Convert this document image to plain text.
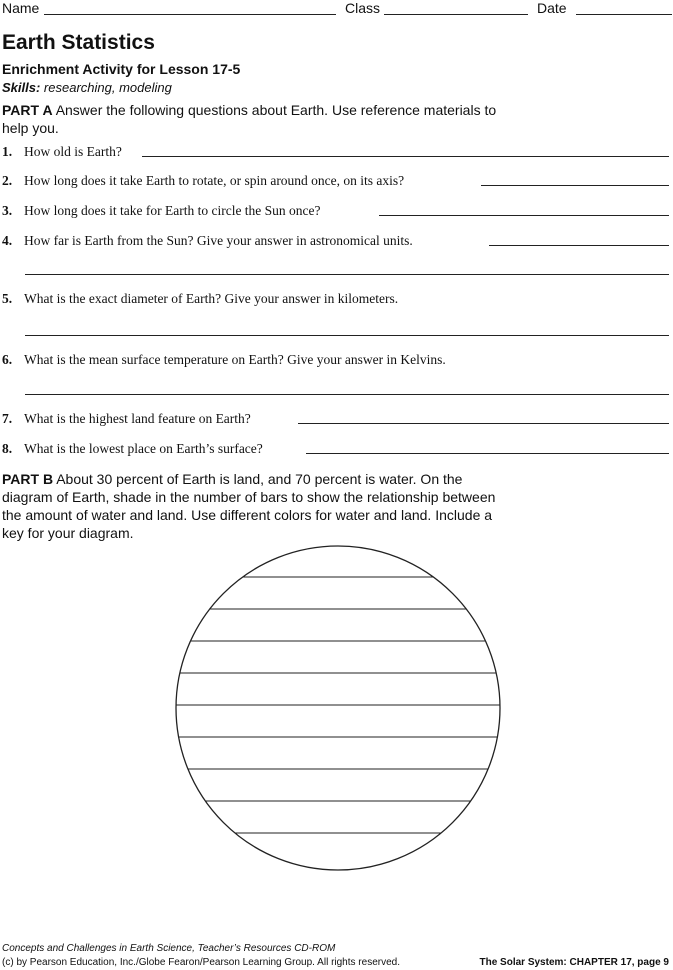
Name	Class	Date
Earth Statistics
Enrichment Activity for Lesson 17-5
Skills: researching, modeling
PART A Answer the following questions about Earth. Use reference materials to
help you.
1. How old is Earth?
2. How long does it take Earth to rotate, or spin around once, on its axis?
3. How long does it take for Earth to circle the Sun once?
4. How far is Earth from the Sun? Give your answer in astronomical units.
5. What is the exact diameter of Earth? Give your answer in kilometers.
6. What is the mean surface temperature on Earth? Give your answer in Kelvins.
7. What is the highest land feature on Earth?
8. What is the lowest place on Earth’s surface?
PART B About 30 percent of Earth is land, and 70 percent is water. On the
diagram of Earth, shade in the number of bars to show the relationship between
the amount of water and land. Use different colors for water and land. Include a
key for your diagram.
Concepts and Challenges in Earth Science, Teacher’s Resources CD-ROM
(c) by Pearson Education, Inc./Globe Fearon/Pearson Learning Group. All rights reserved.	The Solar System: CHAPTER 17, page 9
